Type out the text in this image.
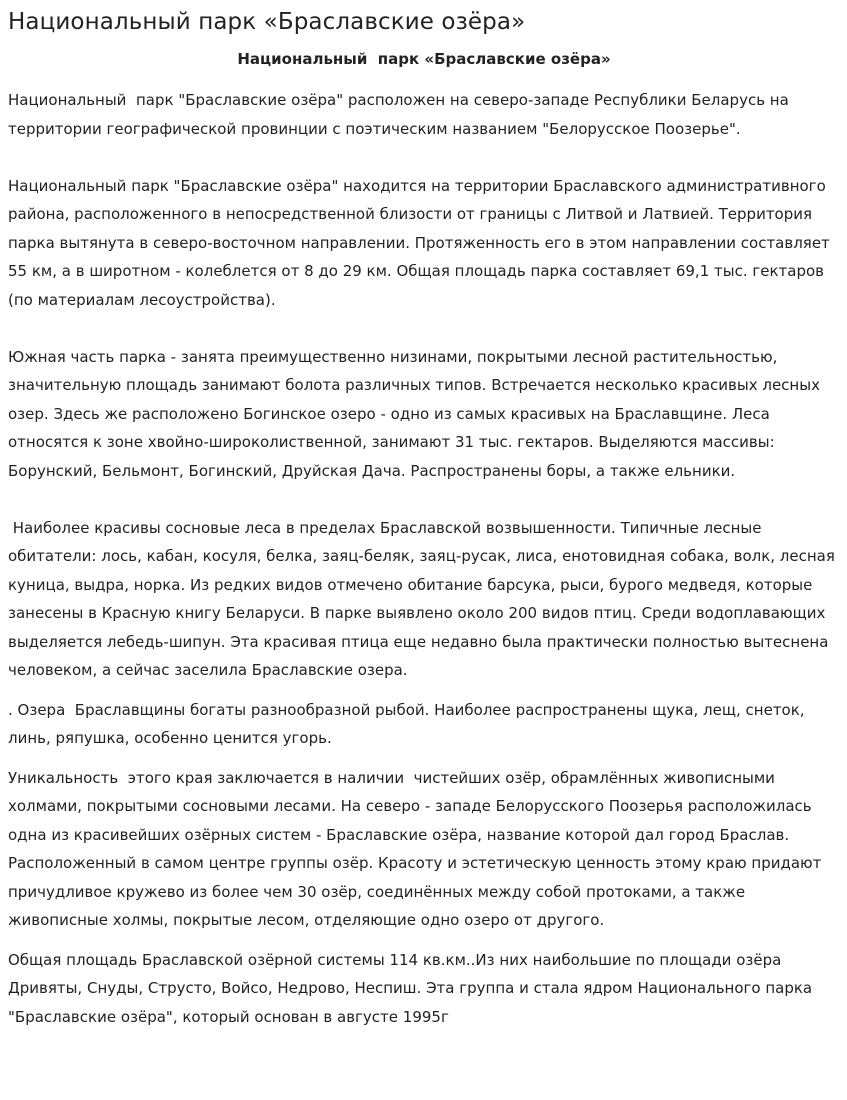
Национальный парк «Браславские озёра»
Национальный  парк «Браславские озёра»

Национальный  парк "Браславские озёра" расположен на северо-западе Республики Беларусь на территории географической провинции с поэтическим названием "Белорусское Поозерье".

Национальный парк "Браславские озёра" находится на территории Браславского административного района, расположенного в непосредственной близости от границы с Литвой и Латвией. Территория парка вытянута в северо-восточном направлении. Протяженность его в этом направлении составляет 55 км, а в широтном - колеблется от 8 до 29 км. Общая площадь парка составляет 69,1 тыс. гектаров (по материалам лесоустройства).

Южная часть парка - занята преимущественно низинами, покрытыми лесной растительностью, значительную площадь занимают болота различных типов. Встречается несколько красивых лесных озер. Здесь же расположено Богинское озеро - одно из самых красивых на Браславщине. Леса относятся к зоне хвойно-широколиственной, занимают 31 тыс. гектаров. Выделяются массивы: Борунский, Бельмонт, Богинский, Друйская Дача. Распространены боры, а также ельники.

Наиболее красивы сосновые леса в пределах Браславской возвышенности. Типичные лесные обитатели: лось, кабан, косуля, белка, заяц-беляк, заяц-русак, лиса, енотовидная собака, волк, лесная куница, выдра, норка. Из редких видов отмечено обитание барсука, рыси, бурого медведя, которые занесены в Красную книгу Беларуси. В парке выявлено около 200 видов птиц. Среди водоплавающих выделяется лебедь-шипун. Эта красивая птица еще недавно была практически полностью вытеснена человеком, а сейчас заселила Браславские озера.

. Озера  Браславщины богаты разнообразной рыбой. Наиболее распространены щука, лещ, снеток, линь, ряпушка, особенно ценится угорь.

Уникальность  этого края заключается в наличии  чистейших озёр, обрамлённых живописными холмами, покрытыми сосновыми лесами. На северо - западе Белорусского Поозерья расположилась одна из красивейших озёрных систем - Браславские озёра, название которой дал город Браслав. Расположенный в самом центре группы озёр. Красоту и эстетическую ценность этому краю придают причудливое кружево из более чем 30 озёр, соединённых между собой протоками, а также живописные холмы, покрытые лесом, отделяющие одно озеро от другого.

Общая площадь Браславской озёрной системы 114 кв.км..Из них наибольшие по площади озёра Дривяты, Снуды, Струсто, Войсо, Недрово, Неспиш. Эта группа и стала ядром Национального парка "Браславские озёра", который основан в августе 1995г
